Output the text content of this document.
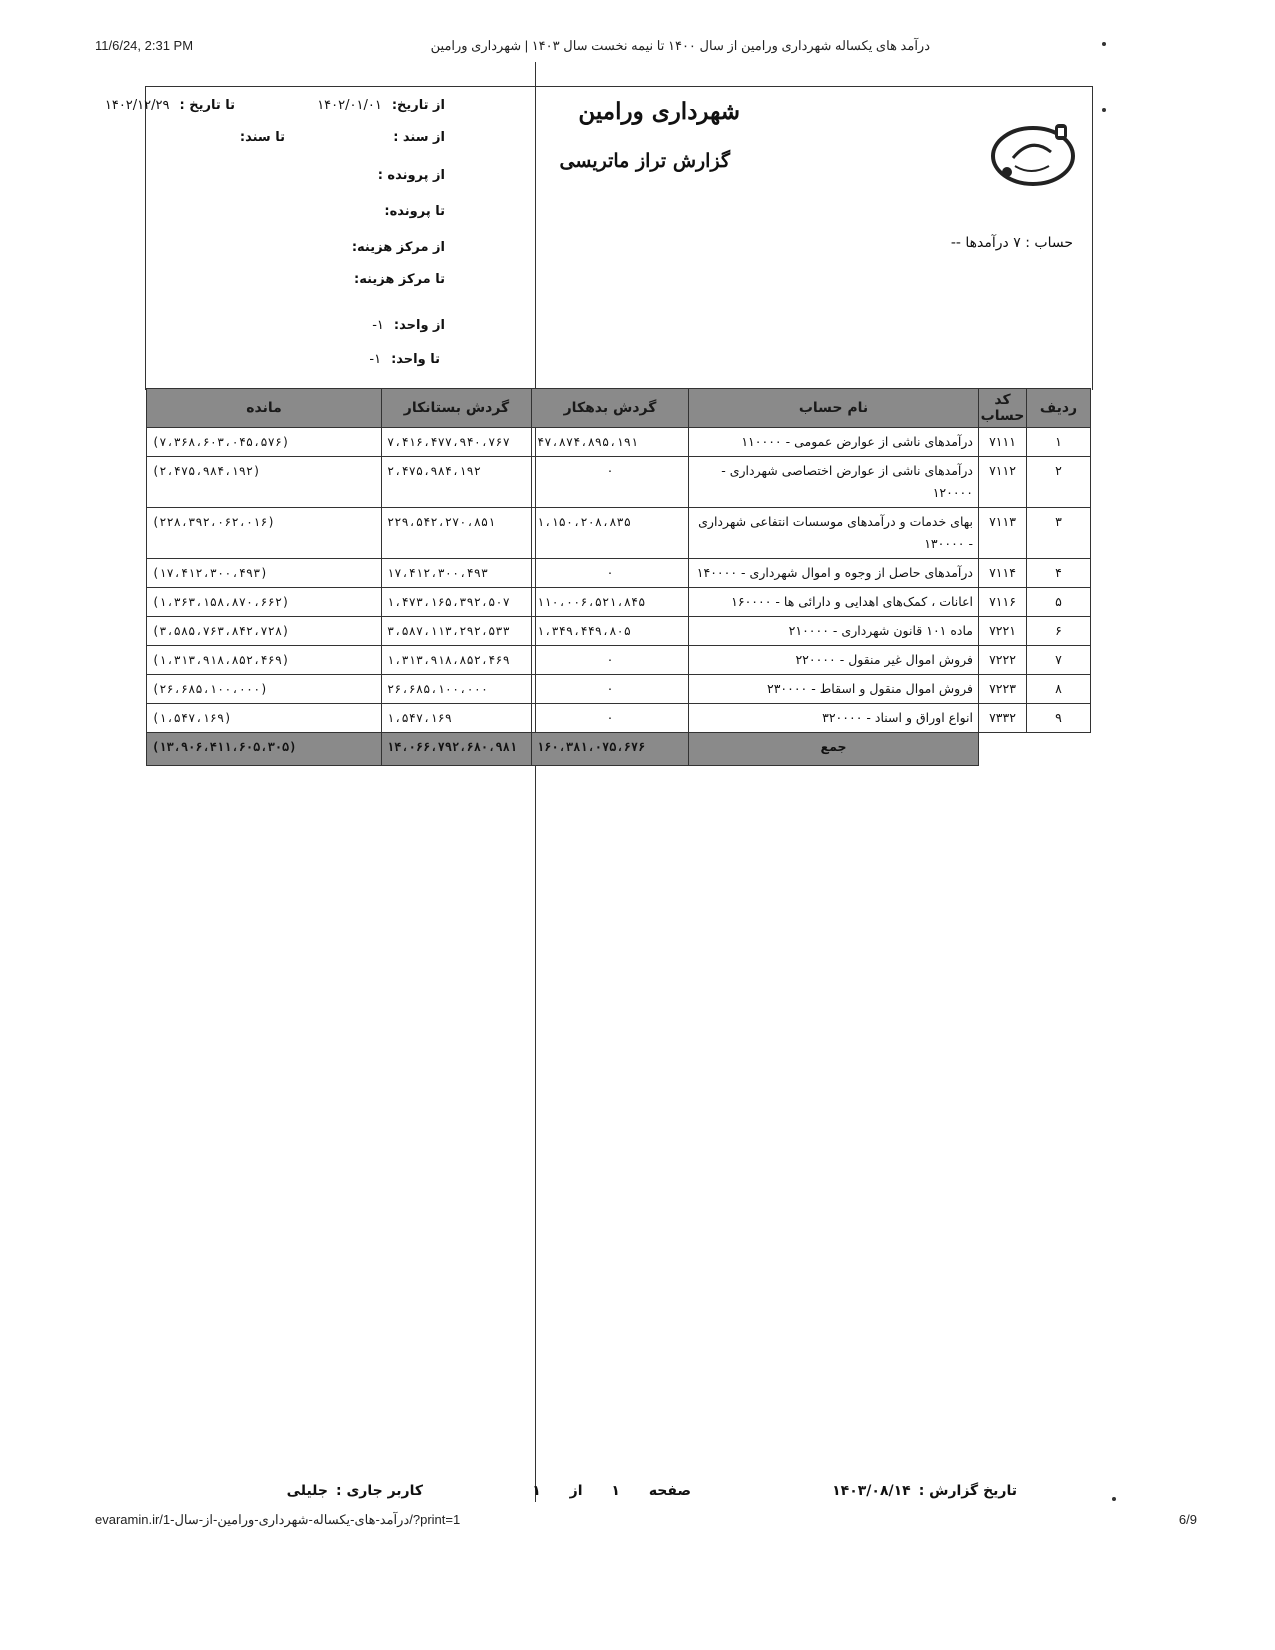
11/6/24, 2:31 PM	درآمد های یکساله شهرداری ورامین از سال ۱۴۰۰ تا نیمه نخست سال ۱۴۰۳ | شهرداری ورامین
شهرداری ورامین
گزارش تراز ماتریسی
حساب : ۷ درآمدها --
از تاریخ:۱۴۰۲/۰۱/۰۱
تا تاریخ :۱۴۰۲/۱۲/۲۹
از سند :
تا سند:
از پرونده :
تا پرونده:
از مرکز هزینه:
تا مرکز هزینه:
از واحد:۱-
تا واحد:۱-
ردیف	کد حساب	نام حساب	گردش بدهکار	گردش بستانکار	مانده
۱	۷۱۱۱	درآمدهای ناشی از عوارض عمومی - ۱۱۰۰۰۰	۴۷،۸۷۴،۸۹۵،۱۹۱	۷،۴۱۶،۴۷۷،۹۴۰،۷۶۷	(۷،۳۶۸،۶۰۳،۰۴۵،۵۷۶)
۲	۷۱۱۲	درآمدهای ناشی از عوارض اختصاصی شهرداری - ۱۲۰۰۰۰	۰	۲،۴۷۵،۹۸۴،۱۹۲	(۲،۴۷۵،۹۸۴،۱۹۲)
۳	۷۱۱۳	بهای خدمات و درآمدهای موسسات انتفاعی شهرداری - ۱۳۰۰۰۰	۱،۱۵۰،۲۰۸،۸۳۵	۲۲۹،۵۴۲،۲۷۰،۸۵۱	(۲۲۸،۳۹۲،۰۶۲،۰۱۶)
۴	۷۱۱۴	درآمدهای حاصل از وجوه و اموال شهرداری - ۱۴۰۰۰۰	۰	۱۷،۴۱۲،۳۰۰،۴۹۳	(۱۷،۴۱۲،۳۰۰،۴۹۳)
۵	۷۱۱۶	اعانات ، کمک‌های اهدایی و دارائی ها - ۱۶۰۰۰۰	۱۱۰،۰۰۶،۵۲۱،۸۴۵	۱،۴۷۳،۱۶۵،۳۹۲،۵۰۷	(۱،۳۶۳،۱۵۸،۸۷۰،۶۶۲)
۶	۷۲۲۱	ماده ۱۰۱ قانون شهرداری - ۲۱۰۰۰۰	۱،۳۴۹،۴۴۹،۸۰۵	۳،۵۸۷،۱۱۳،۲۹۲،۵۳۳	(۳،۵۸۵،۷۶۳،۸۴۲،۷۲۸)
۷	۷۲۲۲	فروش اموال غیر منقول - ۲۲۰۰۰۰	۰	۱،۳۱۳،۹۱۸،۸۵۲،۴۶۹	(۱،۳۱۳،۹۱۸،۸۵۲،۴۶۹)
۸	۷۲۲۳	فروش اموال منقول و اسقاط - ۲۳۰۰۰۰	۰	۲۶،۶۸۵،۱۰۰،۰۰۰	(۲۶،۶۸۵،۱۰۰،۰۰۰)
۹	۷۳۳۲	انواع اوراق و اسناد - ۳۲۰۰۰۰	۰	۱،۵۴۷،۱۶۹	(۱،۵۴۷،۱۶۹)
		جمع	۱۶۰،۳۸۱،۰۷۵،۶۷۶	۱۴،۰۶۶،۷۹۲،۶۸۰،۹۸۱	(۱۳،۹۰۶،۴۱۱،۶۰۵،۳۰۵)
تاریخ گزارش :۱۴۰۳/۰۸/۱۴
صفحه ۱ از ۱
کاربر جاری :جلیلی
evaramin.ir/1-درآمد-های-یکساله-شهرداری-ورامین-از-سال/?print=1	6/9
